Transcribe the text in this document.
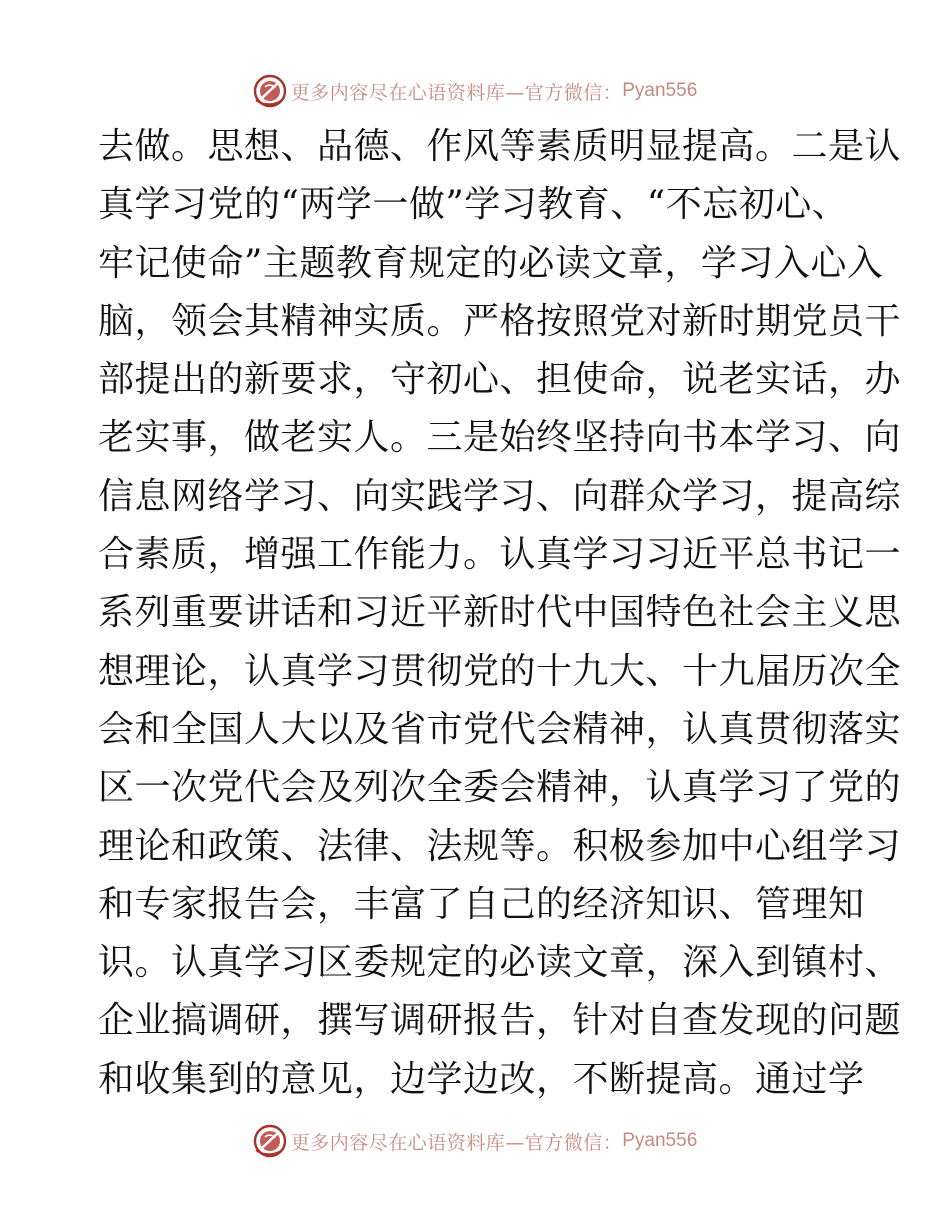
更多内容尽在心语资料库—官方微信： Pyan556
去做。思想、品德、作风等素质明显提高。二是认
真学习党的“两学一做”学习教育、“不忘初心、
牢记使命”主题教育规定的必读文章，学习入心入
脑，领会其精神实质。严格按照党对新时期党员干
部提出的新要求，守初心、担使命，说老实话，办
老实事，做老实人。三是始终坚持向书本学习、向
信息网络学习、向实践学习、向群众学习，提高综
合素质，增强工作能力。认真学习习近平总书记一
系列重要讲话和习近平新时代中国特色社会主义思
想理论，认真学习贯彻党的十九大、十九届历次全
会和全国人大以及省市党代会精神，认真贯彻落实
区一次党代会及列次全委会精神，认真学习了党的
理论和政策、法律、法规等。积极参加中心组学习
和专家报告会，丰富了自己的经济知识、管理知
识。认真学习区委规定的必读文章，深入到镇村、
企业搞调研，撰写调研报告，针对自查发现的问题
和收集到的意见，边学边改，不断提高。通过学
更多内容尽在心语资料库—官方微信： Pyan556
